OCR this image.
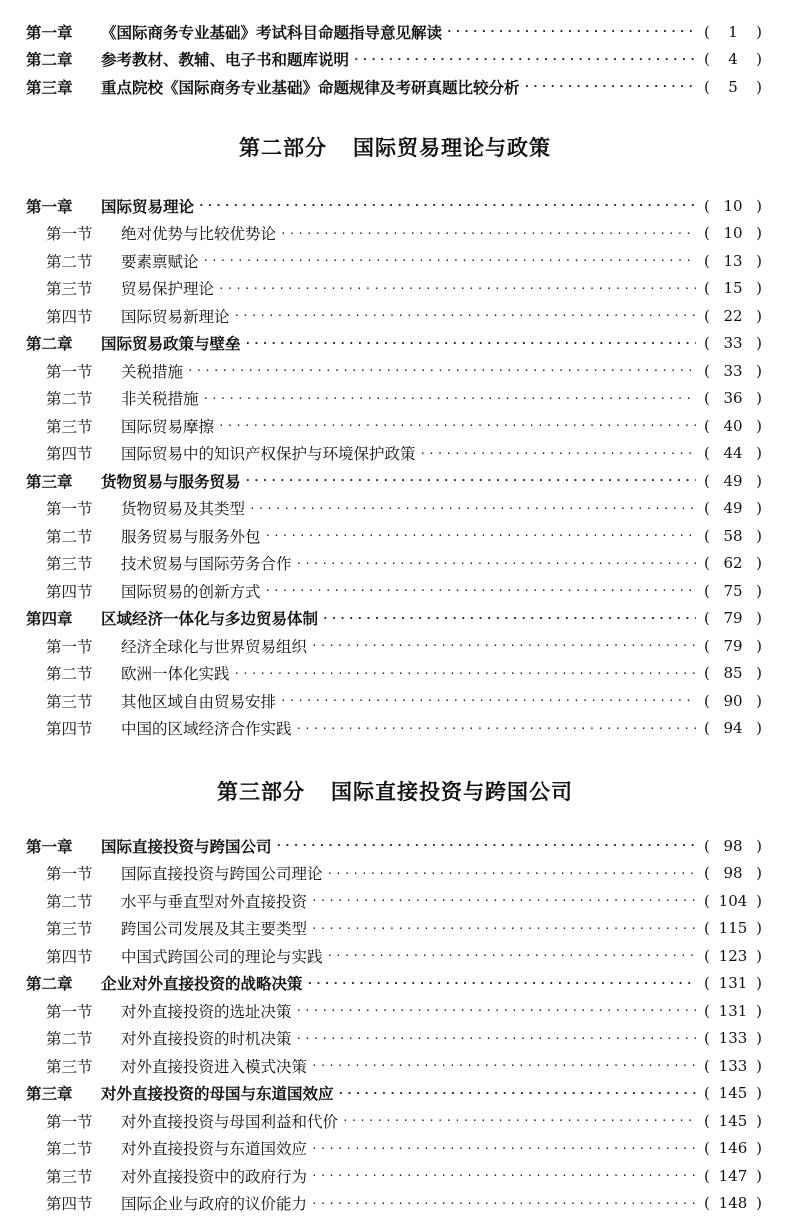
第一章	《国际商务专业基础》考试科目命题指导意见解读 ·····	( 1 )
第二章	参考教材、教辅、电子书和题库说明 ·····	( 4 )
第三章	重点院校《国际商务专业基础》命题规律及考研真题比较分析 ·····	( 5 )
第二部分 国际贸易理论与政策
第一章	国际贸易理论 ·····	( 10 )
第一节	绝对优势与比较优势论 ·····	( 10 )
第二节	要素禀赋论 ·····	( 13 )
第三节	贸易保护理论 ·····	( 15 )
第四节	国际贸易新理论 ·····	( 22 )
第二章	国际贸易政策与壁垒 ·····	( 33 )
第一节	关税措施 ·····	( 33 )
第二节	非关税措施 ·····	( 36 )
第三节	国际贸易摩擦 ·····	( 40 )
第四节	国际贸易中的知识产权保护与环境保护政策 ·····	( 44 )
第三章	货物贸易与服务贸易 ·····	( 49 )
第一节	货物贸易及其类型 ·····	( 49 )
第二节	服务贸易与服务外包 ·····	( 58 )
第三节	技术贸易与国际劳务合作 ·····	( 62 )
第四节	国际贸易的创新方式 ·····	( 75 )
第四章	区域经济一体化与多边贸易体制 ·····	( 79 )
第一节	经济全球化与世界贸易组织 ·····	( 79 )
第二节	欧洲一体化实践 ·····	( 85 )
第三节	其他区域自由贸易安排 ·····	( 90 )
第四节	中国的区域经济合作实践 ·····	( 94 )
第三部分 国际直接投资与跨国公司
第一章	国际直接投资与跨国公司 ·····	( 98 )
第一节	国际直接投资与跨国公司理论 ·····	( 98 )
第二节	水平与垂直型对外直接投资 ·····	( 104 )
第三节	跨国公司发展及其主要类型 ·····	( 115 )
第四节	中国式跨国公司的理论与实践 ·····	( 123 )
第二章	企业对外直接投资的战略决策 ·····	( 131 )
第一节	对外直接投资的选址决策 ·····	( 131 )
第二节	对外直接投资的时机决策 ·····	( 133 )
第三节	对外直接投资进入模式决策 ·····	( 133 )
第三章	对外直接投资的母国与东道国效应 ·····	( 145 )
第一节	对外直接投资与母国利益和代价 ·····	( 145 )
第二节	对外直接投资与东道国效应 ·····	( 146 )
第三节	对外直接投资中的政府行为 ·····	( 147 )
第四节	国际企业与政府的议价能力 ·····	( 148 )
